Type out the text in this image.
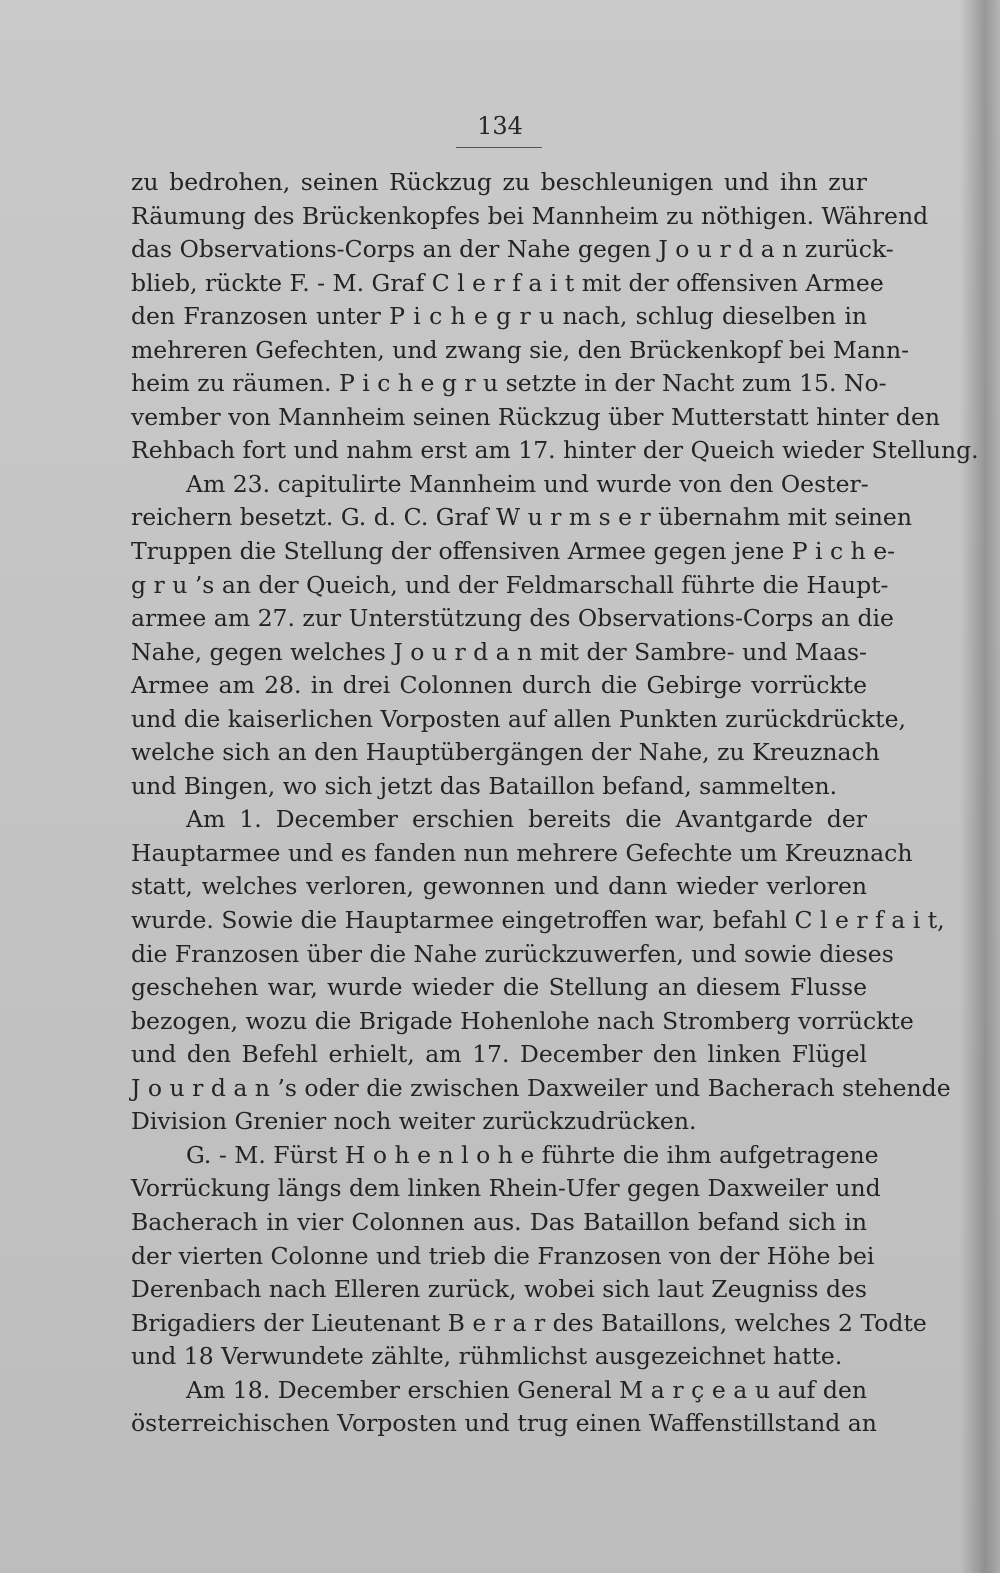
134
zu bedrohen, seinen Rückzug zu beschleunigen und ihn zur
Räumung des Brückenkopfes bei Mannheim zu nöthigen. Während
das Observations-Corps an der Nahe gegen J o u r d a n zurück-
blieb, rückte F. - M. Graf C l e r f a i t mit der offensiven Armee
den Franzosen unter P i c h e g r u nach, schlug dieselben in
mehreren Gefechten, und zwang sie, den Brückenkopf bei Mann-
heim zu räumen. P i c h e g r u setzte in der Nacht zum 15. No-
vember von Mannheim seinen Rückzug über Mutterstatt hinter den
Rehbach fort und nahm erst am 17. hinter der Queich wieder Stellung.
Am 23. capitulirte Mannheim und wurde von den Oester-
reichern besetzt. G. d. C. Graf W u r m s e r übernahm mit seinen
Truppen die Stellung der offensiven Armee gegen jene P i c h e-
g r u ’s an der Queich, und der Feldmarschall führte die Haupt-
armee am 27. zur Unterstützung des Observations-Corps an die
Nahe, gegen welches J o u r d a n mit der Sambre- und Maas-
Armee am 28. in drei Colonnen durch die Gebirge vorrückte
und die kaiserlichen Vorposten auf allen Punkten zurückdrückte,
welche sich an den Hauptübergängen der Nahe, zu Kreuznach
und Bingen, wo sich jetzt das Bataillon befand, sammelten.
Am 1. December erschien bereits die Avantgarde der
Hauptarmee und es fanden nun mehrere Gefechte um Kreuznach
statt, welches verloren, gewonnen und dann wieder verloren
wurde. Sowie die Hauptarmee eingetroffen war, befahl C l e r f a i t,
die Franzosen über die Nahe zurückzuwerfen, und sowie dieses
geschehen war, wurde wieder die Stellung an diesem Flusse
bezogen, wozu die Brigade Hohenlohe nach Stromberg vorrückte
und den Befehl erhielt, am 17. December den linken Flügel
J o u r d a n ’s oder die zwischen Daxweiler und Bacherach stehende
Division Grenier noch weiter zurückzudrücken.
G. - M. Fürst H o h e n l o h e führte die ihm aufgetragene
Vorrückung längs dem linken Rhein-Ufer gegen Daxweiler und
Bacherach in vier Colonnen aus. Das Bataillon befand sich in
der vierten Colonne und trieb die Franzosen von der Höhe bei
Derenbach nach Elleren zurück, wobei sich laut Zeugniss des
Brigadiers der Lieutenant B e r a r des Bataillons, welches 2 Todte
und 18 Verwundete zählte, rühmlichst ausgezeichnet hatte.
Am 18. December erschien General M a r ç e a u auf den
österreichischen Vorposten und trug einen Waffenstillstand an
